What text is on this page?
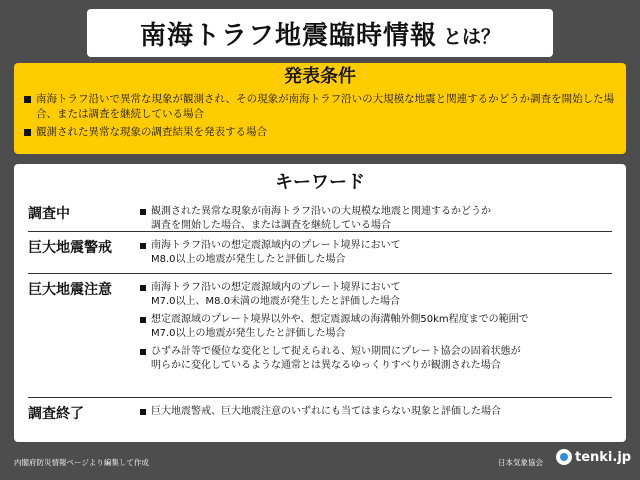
南海トラフ地震臨時情報 とは？
発表条件
南海トラフ沿いで異常な現象が観測され、その現象が南海トラフ沿いの大規模な地震と関連するかどうか調査を開始した場合、または調査を継続している場合
観測された異常な現象の調査結果を発表する場合
キーワード
調査中	観測された異常な現象が南海トラフ沿いの大規模な地震と関連するかどうか
調査を開始した場合、または調査を継続している場合
巨大地震警戒	南海トラフ沿いの想定震源域内のプレート境界において
M8.0以上の地震が発生したと評価した場合
巨大地震注意	南海トラフ沿いの想定震源域内のプレート境界において
M7.0以上、M8.0未満の地震が発生したと評価した場合
想定震源域のプレート境界以外や、想定震源域の海溝軸外側50km程度までの範囲で
M7.0以上の地震が発生したと評価した場合
ひずみ計等で優位な変化として捉えられる、短い期間にプレート協会の固着状態が
明らかに変化しているような通常とは異なるゆっくりすべりが観測された場合
調査終了	巨大地震警戒、巨大地震注意のいずれにも当てはまらない現象と評価した場合
内閣府防災情報ページより編集して作成	日本気象協会 tenki.jp
